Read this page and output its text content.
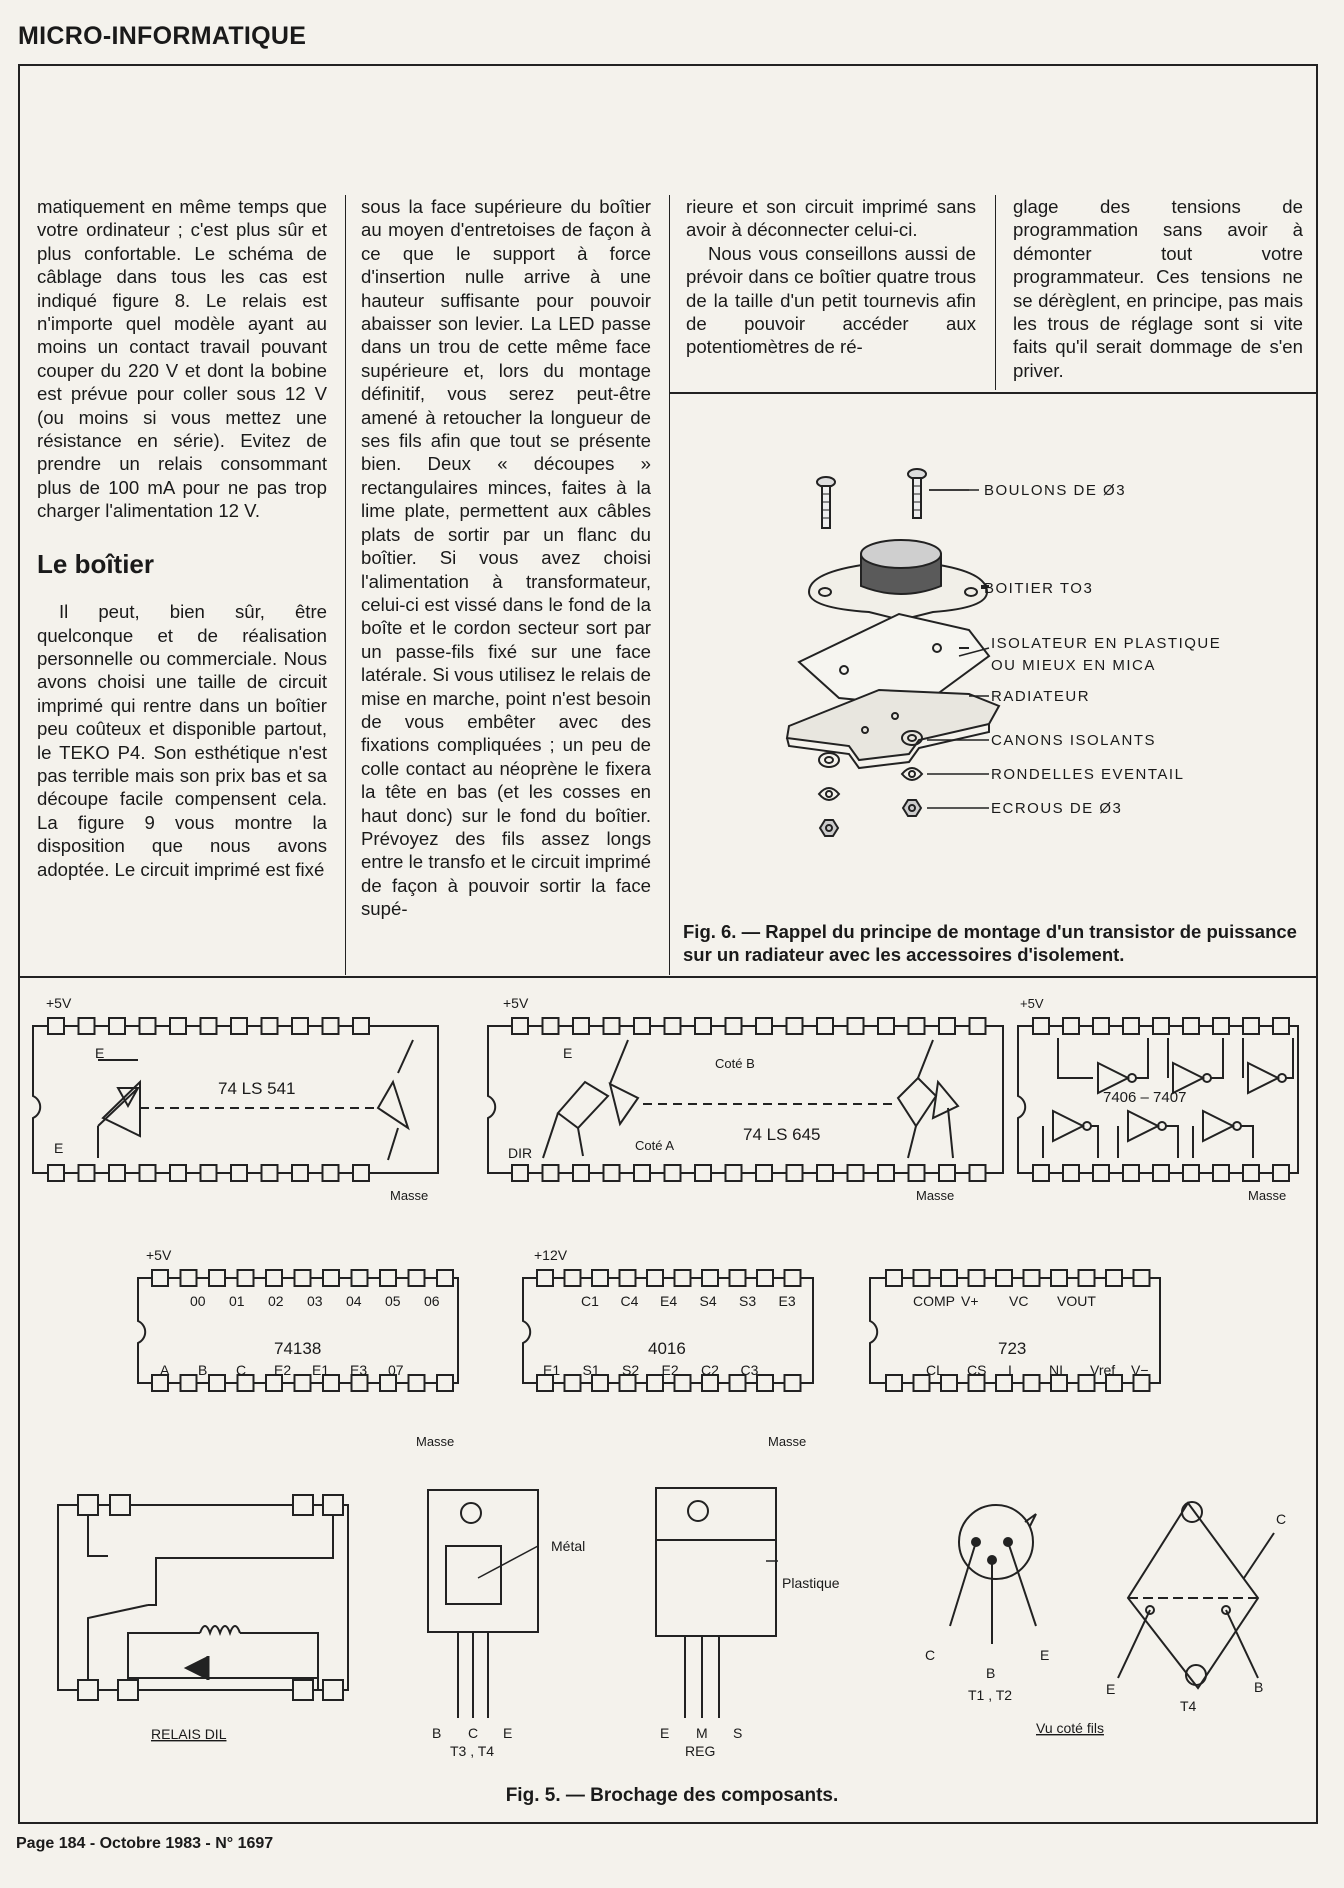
MICRO-INFORMATIQUE

matiquement en même temps que votre ordinateur ; c'est plus sûr et plus confortable. Le schéma de câblage dans tous les cas est indiqué figure 8. Le relais est n'importe quel modèle ayant au moins un contact travail pouvant couper du 220 V et dont la bobine est prévue pour coller sous 12 V (ou moins si vous mettez une résistance en série). Evitez de prendre un relais consommant plus de 100 mA pour ne pas trop charger l'alimentation 12 V.

Le boîtier

Il peut, bien sûr, être quelconque et de réalisation personnelle ou commerciale. Nous avons choisi une taille de circuit imprimé qui rentre dans un boîtier peu coûteux et disponible partout, le TEKO P4. Son esthétique n'est pas terrible mais son prix bas et sa découpe facile compensent cela. La figure 9 vous montre la disposition que nous avons adoptée. Le circuit imprimé est fixé

sous la face supérieure du boîtier au moyen d'entretoises de façon à ce que le support à force d'insertion nulle arrive à une hauteur suffisante pour pouvoir abaisser son levier. La LED passe dans un trou de cette même face supérieure et, lors du montage définitif, vous serez peut-être amené à retoucher la longueur de ses fils afin que tout se présente bien. Deux « découpes » rectangulaires minces, faites à la lime plate, permettent aux câbles plats de sortir par un flanc du boîtier. Si vous avez choisi l'alimentation à transformateur, celui-ci est vissé dans le fond de la boîte et le cordon secteur sort par un passe-fils fixé sur une face latérale. Si vous utilisez le relais de mise en marche, point n'est besoin de vous embêter avec des fixations compliquées ; un peu de colle contact au néoprène le fixera la tête en bas (et les cosses en haut donc) sur le fond du boîtier. Prévoyez des fils assez longs entre le transfo et le circuit imprimé de façon à pouvoir sortir la face supé-

rieure et son circuit imprimé sans avoir à déconnecter celui-ci.

Nous vous conseillons aussi de prévoir dans ce boîtier quatre trous de la taille d'un petit tournevis afin de pouvoir accéder aux potentiomètres de ré-

glage des tensions de programmation sans avoir à démonter tout votre programmateur. Ces tensions ne se dérèglent, en principe, pas mais les trous de réglage sont si vite faits qu'il serait dommage de s'en priver.

BOULONS DE Ø3
BOITIER TO3
ISOLATEUR EN PLASTIQUE
OU MIEUX EN MICA
RADIATEUR
CANONS ISOLANTS
RONDELLES EVENTAIL
ECROUS DE Ø3
Fig. 6. — Rappel du principe de montage d'un transistor de puissance sur un radiateur avec les accessoires d'isolement.
+5V
74 LS 541
E
E
Masse
+5V
E
Coté B
Coté A
74 LS 645
DIR
Masse
+5V
7406 – 7407
Masse
+5V
74138
Masse
00 01 02 03 04 05 06
A B C E2 E1 E3 07
+12V
4016
Masse
C1 C4 E4 S4 S3 E3
E1 S1 S2 E2 C2 C3
723
COMP V+ VC VOUT
CL CS I	NI Vref V−
RELAIS DIL
Métal
B C E
T3 , T4
Plastique
E M S
REG
C
B
E
T1 , T2
C
E	B
T4
Vu coté fils
Fig. 5. — Brochage des composants.
Page 184 - Octobre 1983 - N° 1697
